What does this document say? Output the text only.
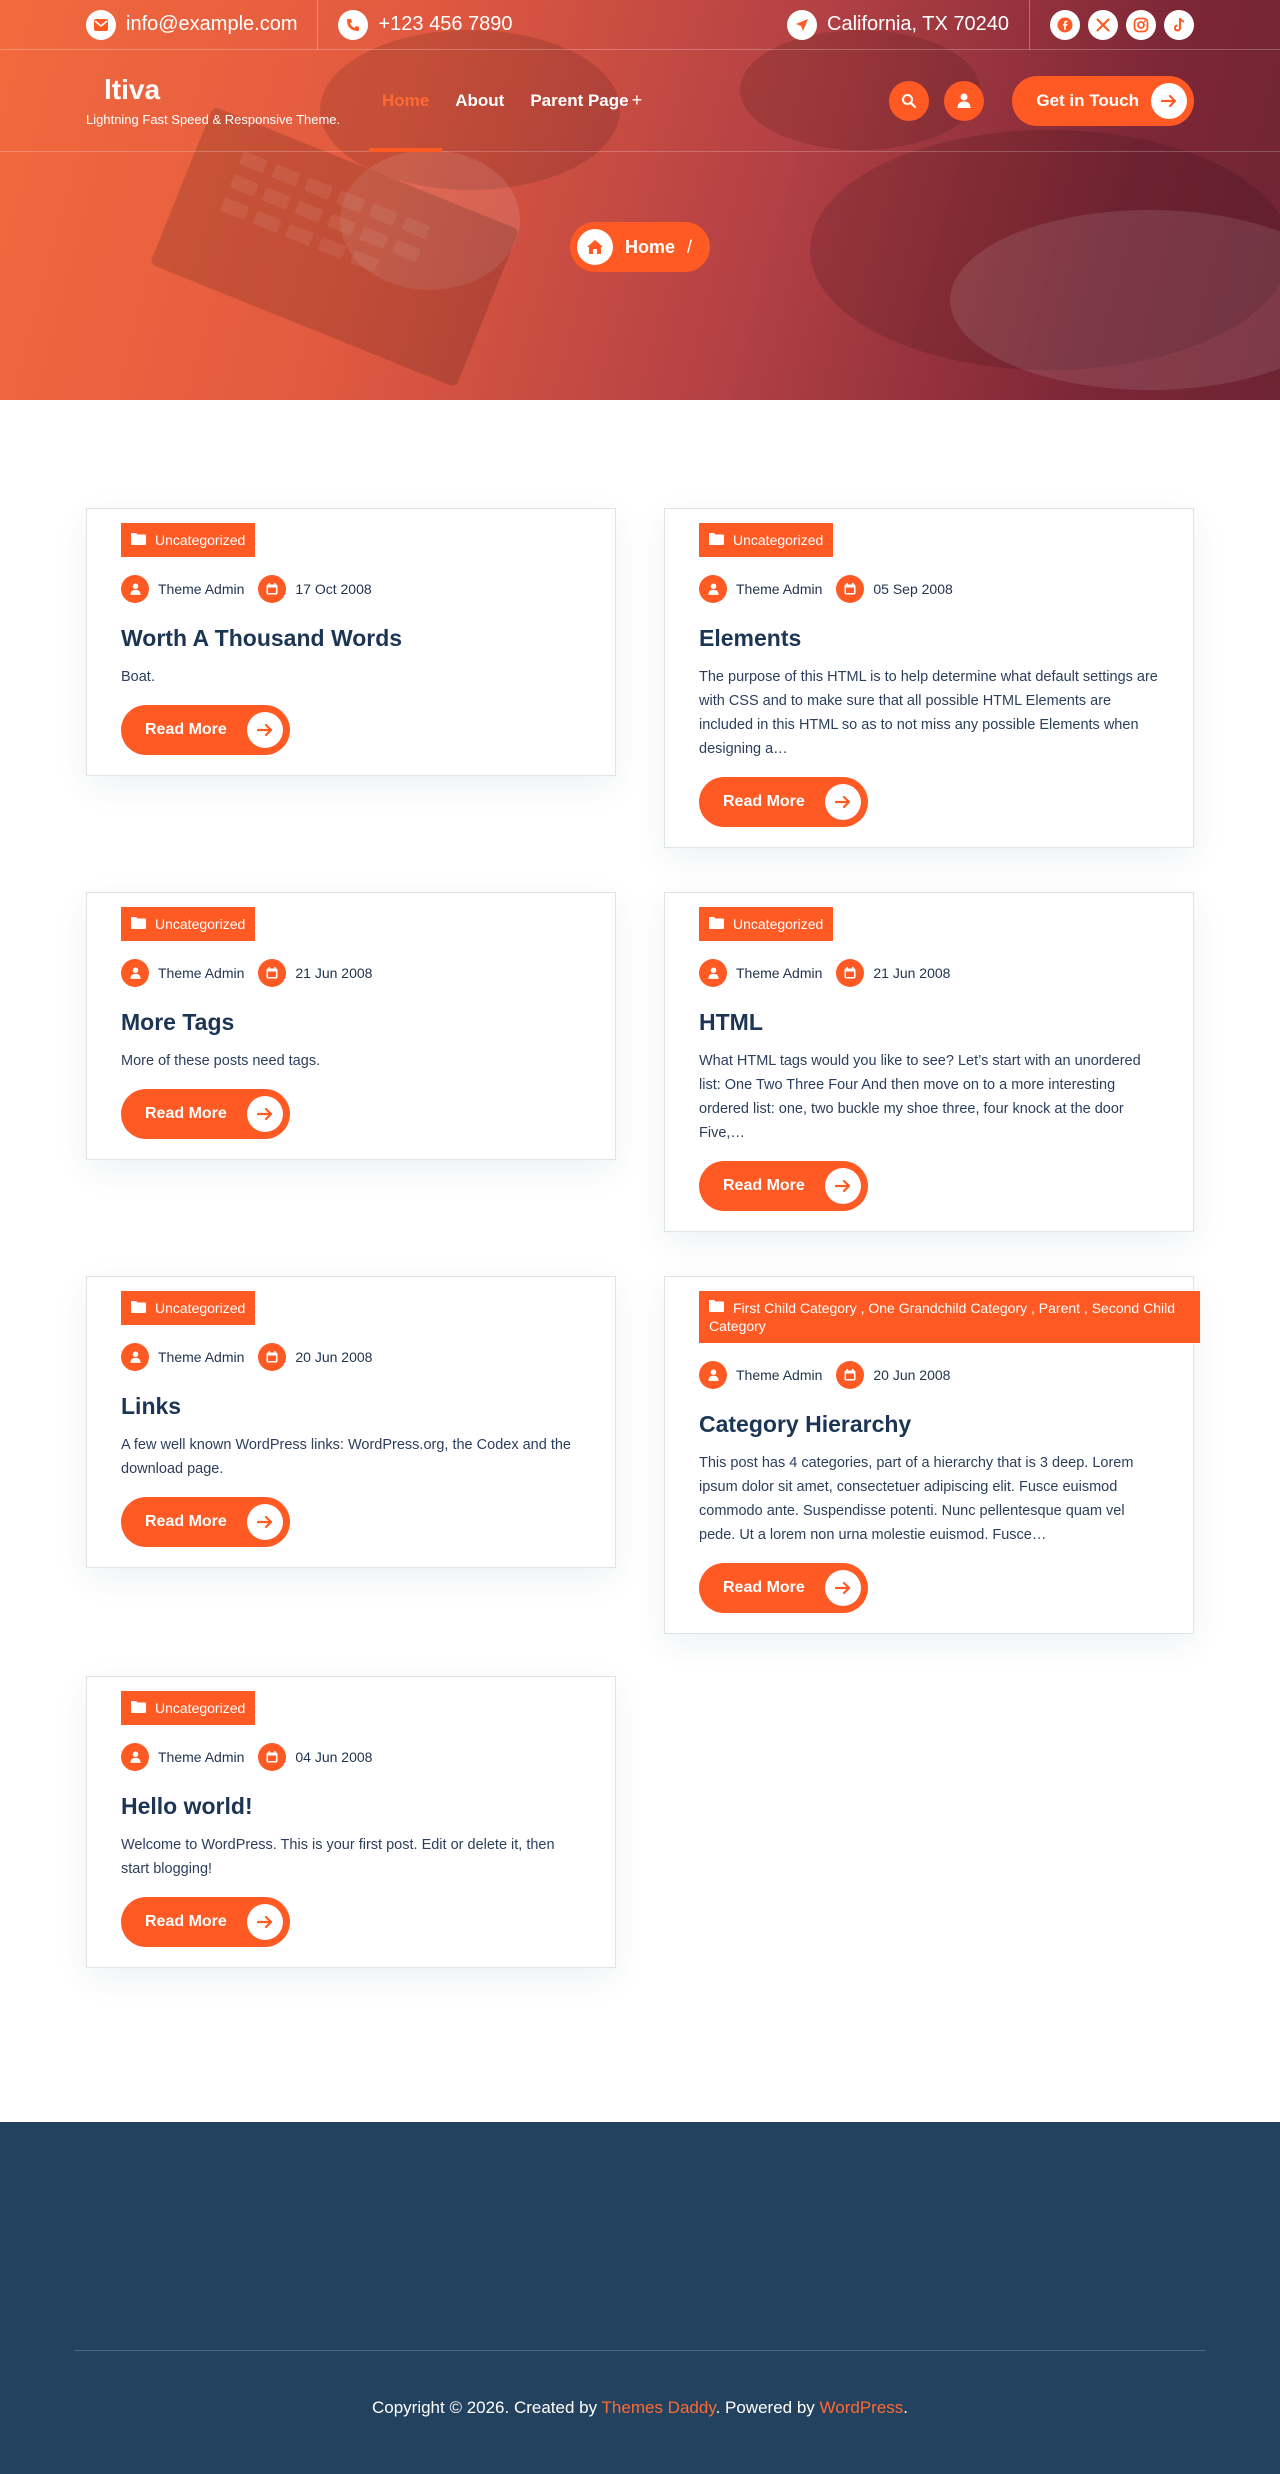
info@example.com	+123 456 7890	California, TX 70240
ltiva
Lightning Fast Speed & Responsive Theme.
Home	About	Parent Page +	Get in Touch
Home /
Uncategorized
Theme Admin	17 Oct 2008
Worth A Thousand Words

Boat.

Read More
Uncategorized
Theme Admin	05 Sep 2008
Elements

The purpose of this HTML is to help determine what default settings are with CSS and to make sure that all possible HTML Elements are included in this HTML so as to not miss any possible Elements when designing a…

Read More
Uncategorized
Theme Admin	21 Jun 2008
More Tags

More of these posts need tags.

Read More
Uncategorized
Theme Admin	21 Jun 2008
HTML

What HTML tags would you like to see? Let’s start with an unordered list: One Two Three Four And then move on to a more interesting ordered list: one, two buckle my shoe three, four knock at the door Five,…

Read More
Uncategorized
Theme Admin	20 Jun 2008
Links

A few well known WordPress links: WordPress.org, the Codex and the download page.

Read More
First Child Category , One Grandchild Category , Parent , Second Child Category
Theme Admin	20 Jun 2008
Category Hierarchy

This post has 4 categories, part of a hierarchy that is 3 deep. Lorem ipsum dolor sit amet, consectetuer adipiscing elit. Fusce euismod commodo ante. Suspendisse potenti. Nunc pellentesque quam vel pede. Ut a lorem non urna molestie euismod. Fusce…

Read More
Uncategorized
Theme Admin	04 Jun 2008
Hello world!

Welcome to WordPress. This is your first post. Edit or delete it, then start blogging!

Read More

Copyright © 2026. Created by Themes Daddy. Powered by WordPress.
